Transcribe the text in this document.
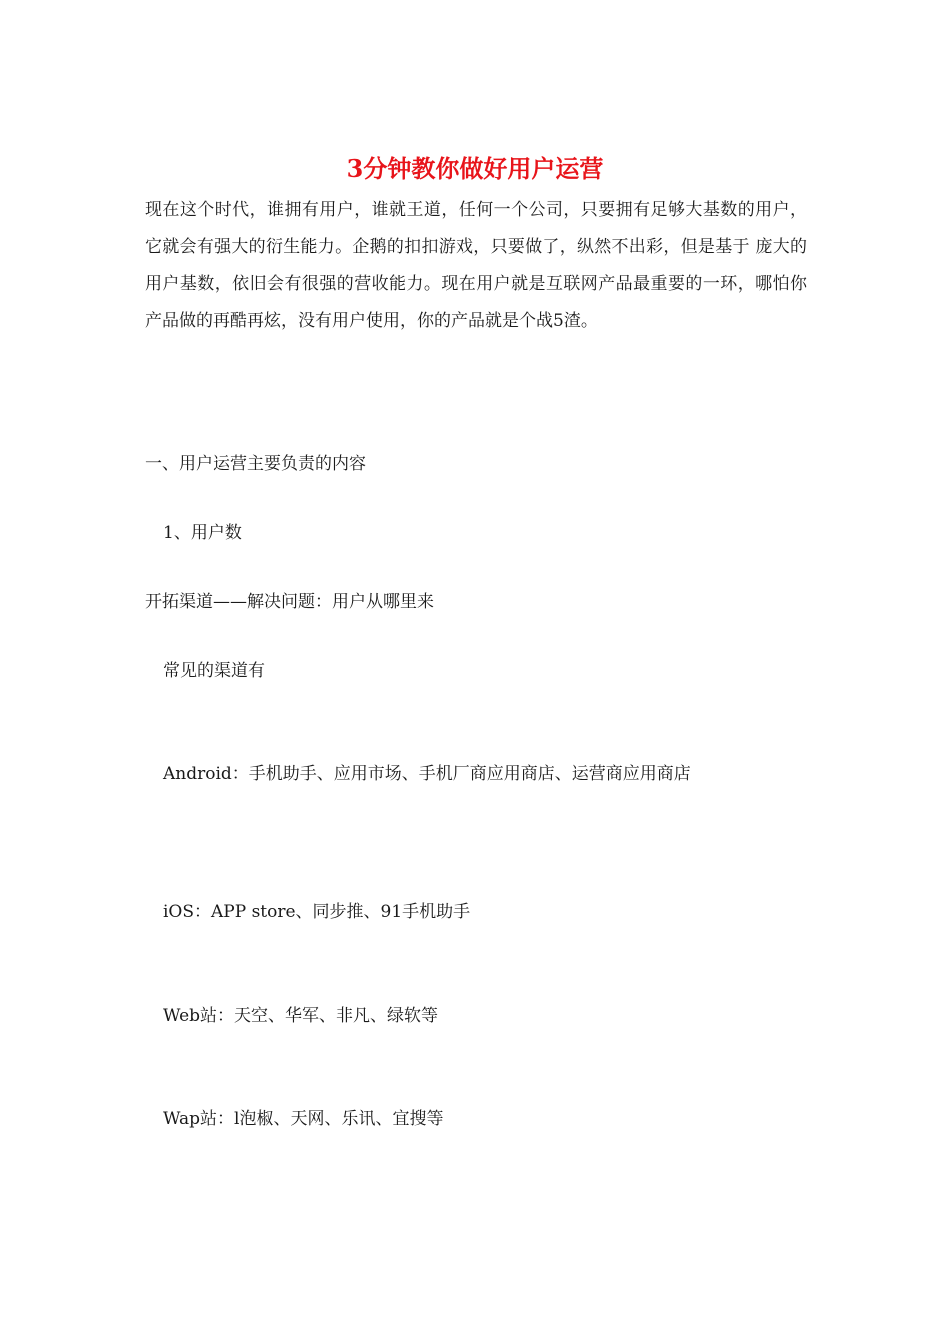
3分钟教你做好用户运营

现在这个时代，谁拥有用户，谁就王道，任何一个公司，只要拥有足够大基数的用户，它就会有强大的衍生能力。企鹅的扣扣游戏，只要做了，纵然不出彩，但是基于 庞大的用户基数，依旧会有很强的营收能力。现在用户就是互联网产品最重要的一环，哪怕你产品做的再酷再炫，没有用户使用，你的产品就是个战5渣。

一、用户运营主要负责的内容

1、用户数

开拓渠道——解决问题：用户从哪里来

常见的渠道有

Android：手机助手、应用市场、手机厂商应用商店、运营商应用商店

iOS：APP store、同步推、91手机助手

Web站：天空、华军、非凡、绿软等

Wap站：l泡椒、天网、乐讯、宜搜等
